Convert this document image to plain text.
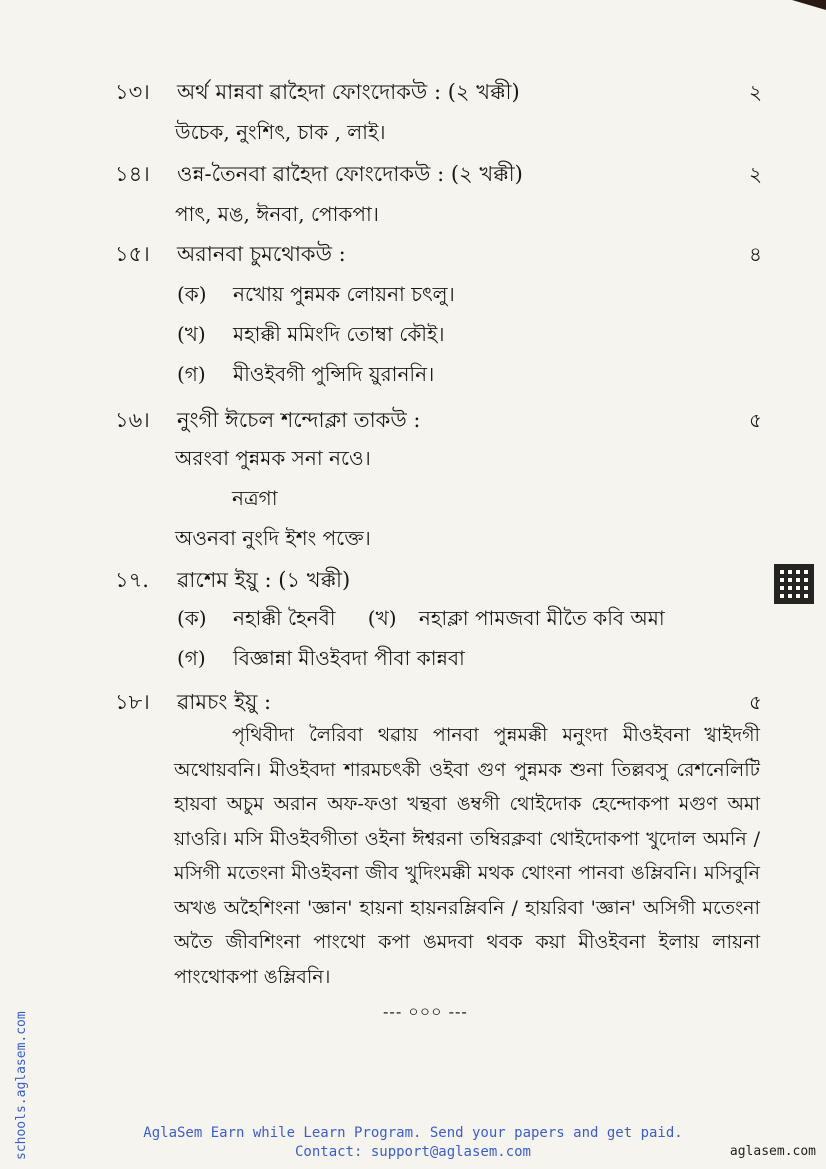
১৩। অর্থ মান্নবা ৱাহৈদা ফোংদোকউ : (২ খক্কী)	২
উচেক, নুংশিৎ, চাক , লাই।
১৪। ওন্ন-তৈনবা ৱাহৈদা ফোংদোকউ : (২ খক্কী)	২
পাৎ, মঙ, ঈনবা, পোকপা।
১৫। অরানবা চুমথোকউ :	৪
(ক) নখোয় পুন্নমক লোয়না চৎলু।
(খ) মহাক্কী মমিংদি তোম্বা কৌই।
(গ) মীওইবগী পুন্সিদি য়ুরাননি।
১৬। নুংগী ঈচেল শন্দোক্লা তাকউ :	৫
অরংবা পুন্নমক সনা নওে।
নত্রগা
অওনবা নুংদি ইশং পক্তে।
১৭. ৱাশেম ইয়ু : (১ খক্কী)
(ক) নহাক্কী হৈনবী (খ) নহাক্লা পামজবা মীতৈ কবি অমা
(গ) বিজ্ঞান্না মীওইবদা পীবা কান্নবা
১৮। ৱামচং ইয়ু :	৫

পৃথিবীদা লৈরিবা থৱায় পানবা পুন্নমক্কী মনুংদা মীওইবনা খ্বাইদগী অথোয়বনি। মীওইবদা শারমচৎকী ওইবা গুণ পুন্নমক শুনা তিল্লবসু রেশনেলিটি হায়বা অচুম অরান অফ-ফওা খন্থবা ঙম্বগী থোইদোক হেন্দোকপা মগুণ অমা য়াওরি। মসি মীওইবগীতা ওইনা ঈশ্বরনা তম্বিরক্লবা থোইদোকপা খুদোল অমনি / মসিগী মতেংনা মীওইবনা জীব খুদিংমক্কী মথক থোংনা পানবা ঙম্লিবনি। মসিবুনি অখঙ অহৈশিংনা 'জ্ঞান' হায়না হায়নরম্লিবনি / হায়রিবা 'জ্ঞান' অসিগী মতেংনা অতৈ জীবশিংনা পাংথো কপা ঙমদবা থবক কয়া মীওইবনা ইলায় লায়না পাংথোকপা ঙম্লিবনি।

--- ০০০ ---
schools.aglasem.com	AglaSem Earn while Learn Program. Send your papers and get paid.
Contact: support@aglasem.com	aglasem.com
